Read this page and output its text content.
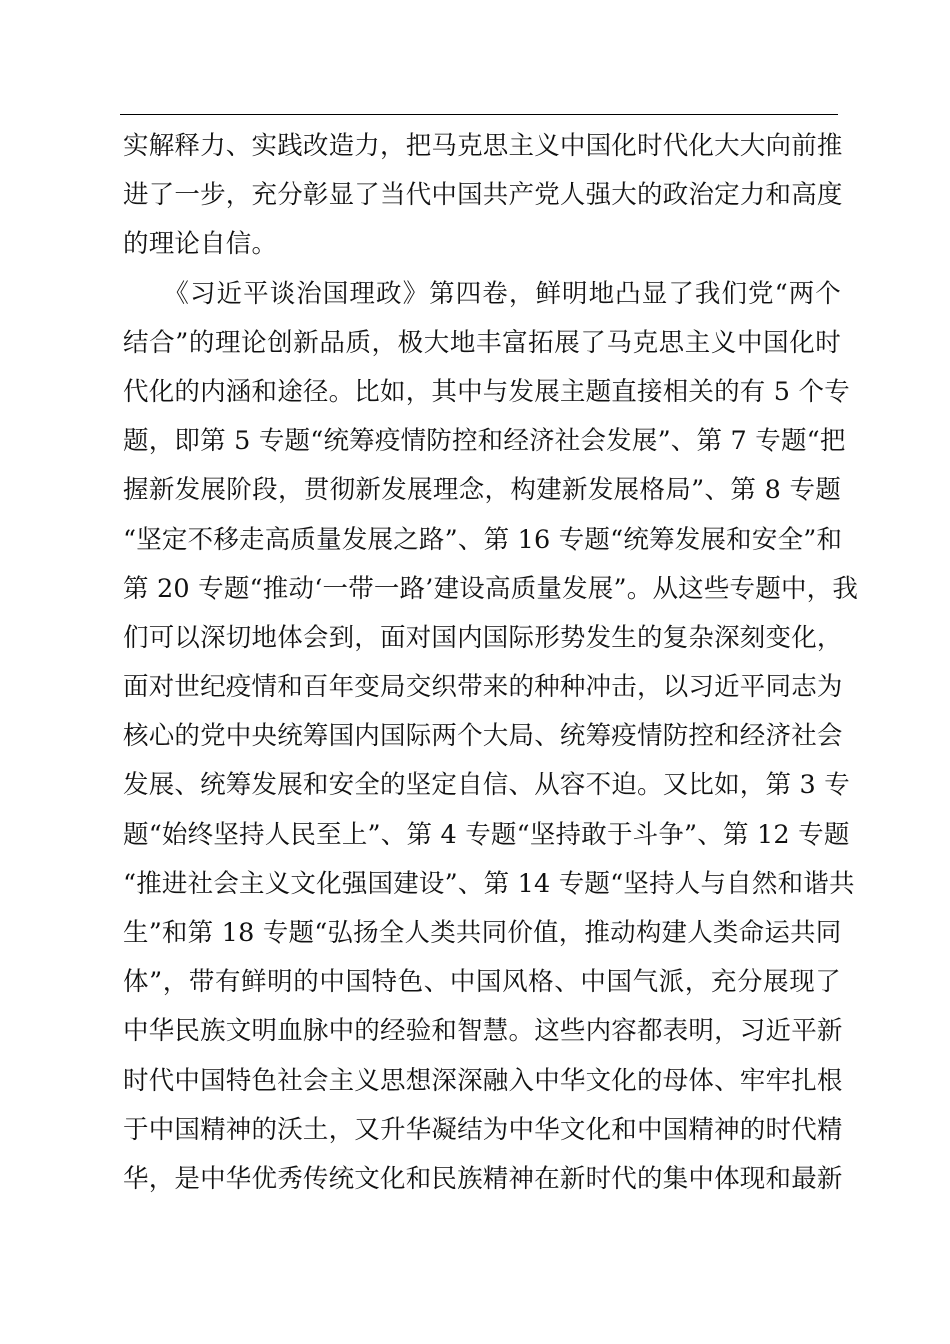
实解释力、实践改造力，把马克思主义中国化时代化大大向前推
进了一步，充分彰显了当代中国共产党人强大的政治定力和高度
的理论自信。
　　《习近平谈治国理政》第四卷，鲜明地凸显了我们党“两个
结合”的理论创新品质，极大地丰富拓展了马克思主义中国化时
代化的内涵和途径。比如，其中与发展主题直接相关的有 5 个专
题，即第 5 专题“统筹疫情防控和经济社会发展”、第 7 专题“把
握新发展阶段，贯彻新发展理念，构建新发展格局”、第 8 专题
“坚定不移走高质量发展之路”、第 16 专题“统筹发展和安全”和
第 20 专题“推动‘一带一路’建设高质量发展”。从这些专题中，我
们可以深切地体会到，面对国内国际形势发生的复杂深刻变化，
面对世纪疫情和百年变局交织带来的种种冲击，以习近平同志为
核心的党中央统筹国内国际两个大局、统筹疫情防控和经济社会
发展、统筹发展和安全的坚定自信、从容不迫。又比如，第 3 专
题“始终坚持人民至上”、第 4 专题“坚持敢于斗争”、第 12 专题
“推进社会主义文化强国建设”、第 14 专题“坚持人与自然和谐共
生”和第 18 专题“弘扬全人类共同价值，推动构建人类命运共同
体”，带有鲜明的中国特色、中国风格、中国气派，充分展现了
中华民族文明血脉中的经验和智慧。这些内容都表明，习近平新
时代中国特色社会主义思想深深融入中华文化的母体、牢牢扎根
于中国精神的沃土，又升华凝结为中华文化和中国精神的时代精
华，是中华优秀传统文化和民族精神在新时代的集中体现和最新
